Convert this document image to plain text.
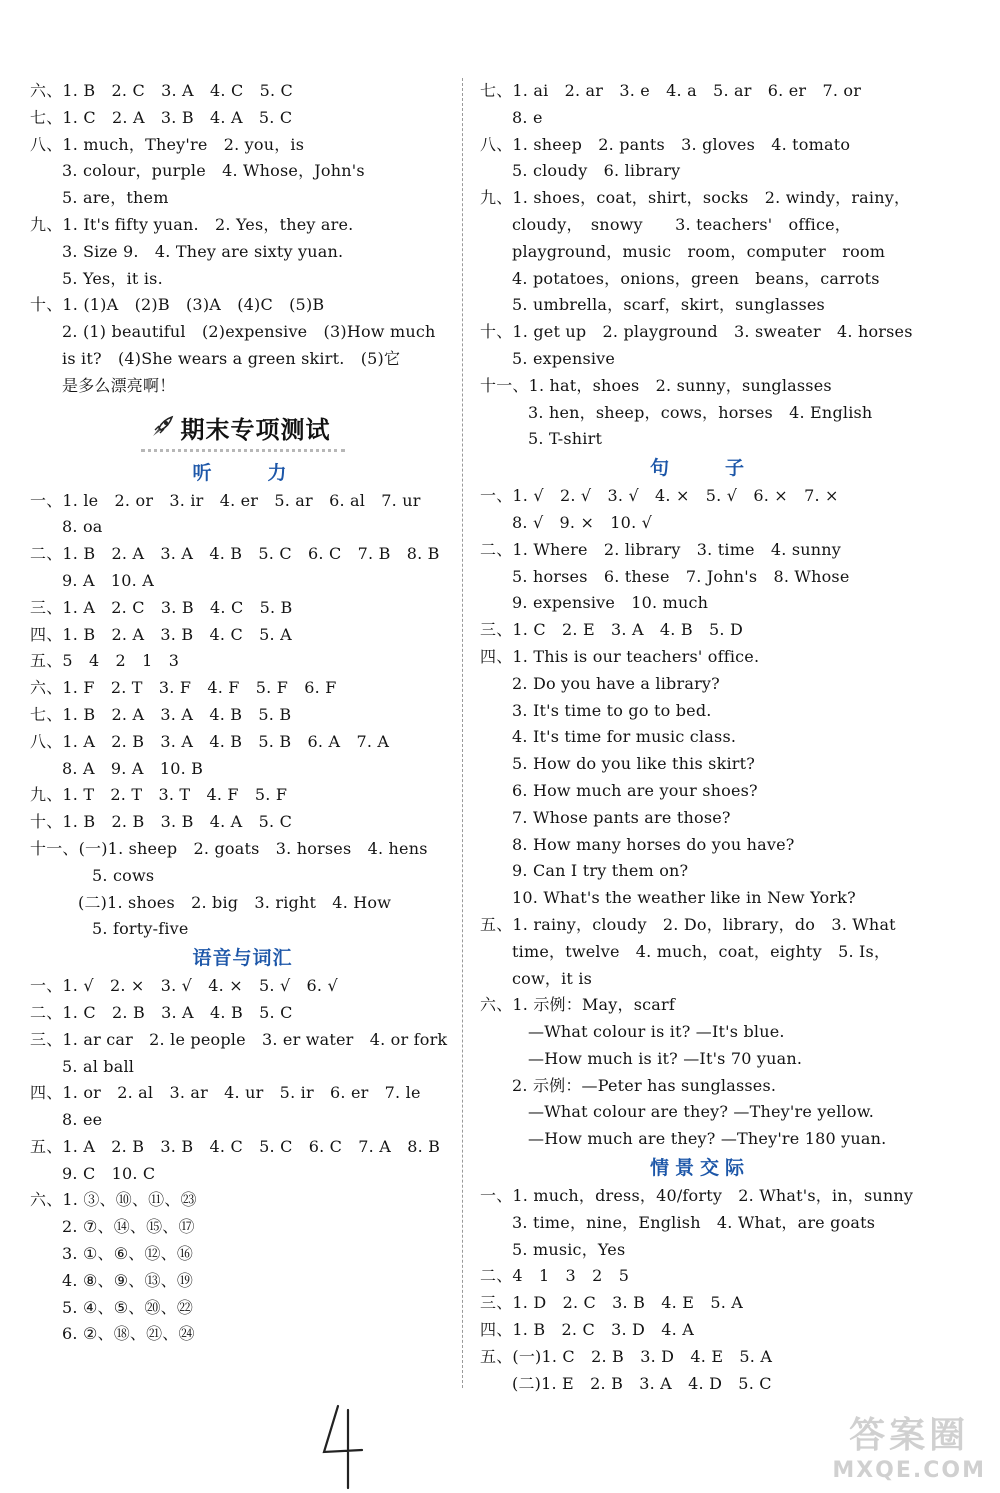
六、1. B　2. C　3. A　4. C　5. C
七、1. C　2. A　3. B　4. A　5. C
八、1. much，They're　2. you，is
3. colour，purple　4. Whose，John's
5. are，them
九、1. It's fifty yuan.　2. Yes，they are.
3. Size 9.　4. They are sixty yuan.
5. Yes，it is.
十、1. (1)A　(2)B　(3)A　(4)C　(5)B
2. (1) beautiful　(2)expensive　(3)How much
is it?　(4)She wears a green skirt.　(5)它
是多么漂亮啊！
期末专项测试
听　　力
一、1. le　2. or　3. ir　4. er　5. ar　6. al　7. ur
8. oa
二、1. B　2. A　3. A　4. B　5. C　6. C　7. B　8. B
9. A　10. A
三、1. A　2. C　3. B　4. C　5. B
四、1. B　2. A　3. B　4. C　5. A
五、5　4　2　1　3
六、1. F　2. T　3. F　4. F　5. F　6. F
七、1. B　2. A　3. A　4. B　5. B
八、1. A　2. B　3. A　4. B　5. B　6. A　7. A
8. A　9. A　10. B
九、1. T　2. T　3. T　4. F　5. F
十、1. B　2. B　3. B　4. A　5. C
十一、(一)1. sheep　2. goats　3. horses　4. hens
5. cows
(二)1. shoes　2. big　3. right　4. How
5. forty-five
语音与词汇
一、1. √　2. ×　3. √　4. ×　5. √　6. √
二、1. C　2. B　3. A　4. B　5. C
三、1. ar car　2. le people　3. er water　4. or fork
5. al ball
四、1. or　2. al　3. ar　4. ur　5. ir　6. er　7. le
8. ee
五、1. A　2. B　3. B　4. C　5. C　6. C　7. A　8. B
9. C　10. C
六、1. ③、⑩、⑪、㉓
2. ⑦、⑭、⑮、⑰
3. ①、⑥、⑫、⑯
4. ⑧、⑨、⑬、⑲
5. ④、⑤、⑳、㉒
6. ②、⑱、㉑、㉔
七、1. ai　2. ar　3. e　4. a　5. ar　6. er　7. or
8. e
八、1. sheep　2. pants　3. gloves　4. tomato
5. cloudy　6. library
九、1. shoes，coat，shirt，socks　2. windy，rainy，
cloudy，　snowy　　3. teachers'　office，
playground，music　room，computer　room
4. potatoes，onions，green　beans，carrots
5. umbrella，scarf，skirt，sunglasses
十、1. get up　2. playground　3. sweater　4. horses
5. expensive
十一、1. hat，shoes　2. sunny，sunglasses
3. hen，sheep，cows，horses　4. English
5. T-shirt
句　　子
一、1. √　2. √　3. √　4. ×　5. √　6. ×　7. ×
8. √　9. ×　10. √
二、1. Where　2. library　3. time　4. sunny
5. horses　6. these　7. John's　8. Whose
9. expensive　10. much
三、1. C　2. E　3. A　4. B　5. D
四、1. This is our teachers' office.
2. Do you have a library?
3. It's time to go to bed.
4. It's time for music class.
5. How do you like this skirt?
6. How much are your shoes?
7. Whose pants are those?
8. How many horses do you have?
9. Can I try them on?
10. What's the weather like in New York?
五、1. rainy，cloudy　2. Do，library，do　3. What
time，twelve　4. much，coat，eighty　5. Is，
cow，it is
六、1. 示例：May，scarf
—What colour is it? —It's blue.
—How much is it? —It's 70 yuan.
2. 示例：—Peter has sunglasses.
—What colour are they? —They're yellow.
—How much are they? —They're 180 yuan.
情景交际
一、1. much，dress，40/forty　2. What's，in，sunny
3. time，nine，English　4. What，are goats
5. music，Yes
二、4　1　3　2　5
三、1. D　2. C　3. B　4. E　5. A
四、1. B　2. C　3. D　4. A
五、(一)1. C　2. B　3. D　4. E　5. A
(二)1. E　2. B　3. A　4. D　5. C
答案圈
MXQE.COM
